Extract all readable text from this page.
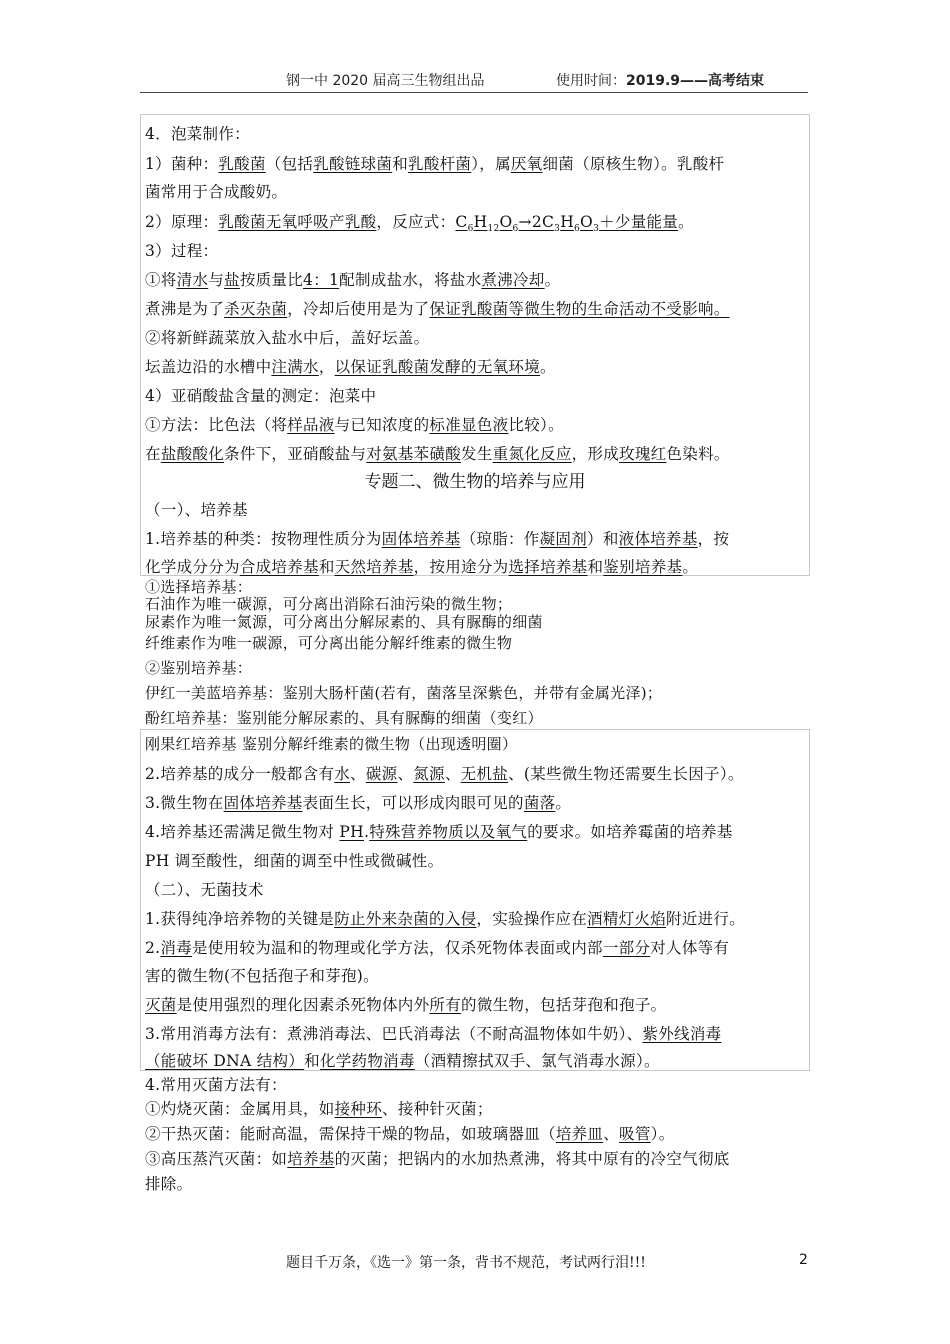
钢一中 2020 届高三生物组出品	使用时间：2019.9——高考结束
4．泡菜制作：
1）菌种：乳酸菌（包括乳酸链球菌和乳酸杆菌），属厌氧细菌（原核生物）。乳酸杆
菌常用于合成酸奶。
2）原理：乳酸菌无氧呼吸产乳酸，反应式：$C_6H_{12}O_6\to 2C_3H_6O_3+$少量能量。
3）过程：
①将清水与盐按质量比4：1配制成盐水，将盐水煮沸冷却。
煮沸是为了杀灭杂菌，冷却后使用是为了保证乳酸菌等微生物的生命活动不受影响。
②将新鲜蔬菜放入盐水中后，盖好坛盖。
坛盖边沿的水槽中注满水，以保证乳酸菌发酵的无氧环境。
4）亚硝酸盐含量的测定：泡菜中
①方法：比色法（将样品液与已知浓度的标准显色液比较）。
在盐酸酸化条件下，亚硝酸盐与对氨基苯磺酸发生重氮化反应，形成玫瑰红色染料。
专题二、微生物的培养与应用
（一）、培养基
1.培养基的种类：按物理性质分为固体培养基（琼脂：作凝固剂）和液体培养基，按
化学成分分为合成培养基和天然培养基，按用途分为选择培养基和鉴别培养基。
①选择培养基：
石油作为唯一碳源，可分离出消除石油污染的微生物；
尿素作为唯一氮源，可分离出分解尿素的、具有脲酶的细菌
纤维素作为唯一碳源，可分离出能分解纤维素的微生物
②鉴别培养基：
伊红一美蓝培养基：鉴别大肠杆菌(若有，菌落呈深紫色，并带有金属光泽)；
酚红培养基：鉴别能分解尿素的、具有脲酶的细菌（变红）
刚果红培养基 鉴别分解纤维素的微生物（出现透明圈）
2.培养基的成分一般都含有水、碳源、氮源、无机盐、(某些微生物还需要生长因子）。
3.微生物在固体培养基表面生长，可以形成肉眼可见的菌落。
4.培养基还需满足微生物对 PH.特殊营养物质以及氧气的要求。如培养霉菌的培养基
PH 调至酸性，细菌的调至中性或微碱性。
（二）、无菌技术
1.获得纯净培养物的关键是防止外来杂菌的入侵，实验操作应在酒精灯火焰附近进行。
2.消毒是使用较为温和的物理或化学方法，仅杀死物体表面或内部一部分对人体等有
害的微生物(不包括孢子和芽孢)。
灭菌是使用强烈的理化因素杀死物体内外所有的微生物，包括芽孢和孢子。
3.常用消毒方法有：煮沸消毒法、巴氏消毒法（不耐高温物体如牛奶）、紫外线消毒
（能破坏 DNA 结构）和化学药物消毒（酒精擦拭双手、氯气消毒水源）。
4.常用灭菌方法有：
①灼烧灭菌：金属用具，如接种环、接种针灭菌；
②干热灭菌：能耐高温，需保持干燥的物品，如玻璃器皿（培养皿、吸管）。
③高压蒸汽灭菌：如培养基的灭菌；把锅内的水加热煮沸，将其中原有的冷空气彻底
排除。
题目千万条，《选一》第一条，背书不规范，考试两行泪!!!	2
